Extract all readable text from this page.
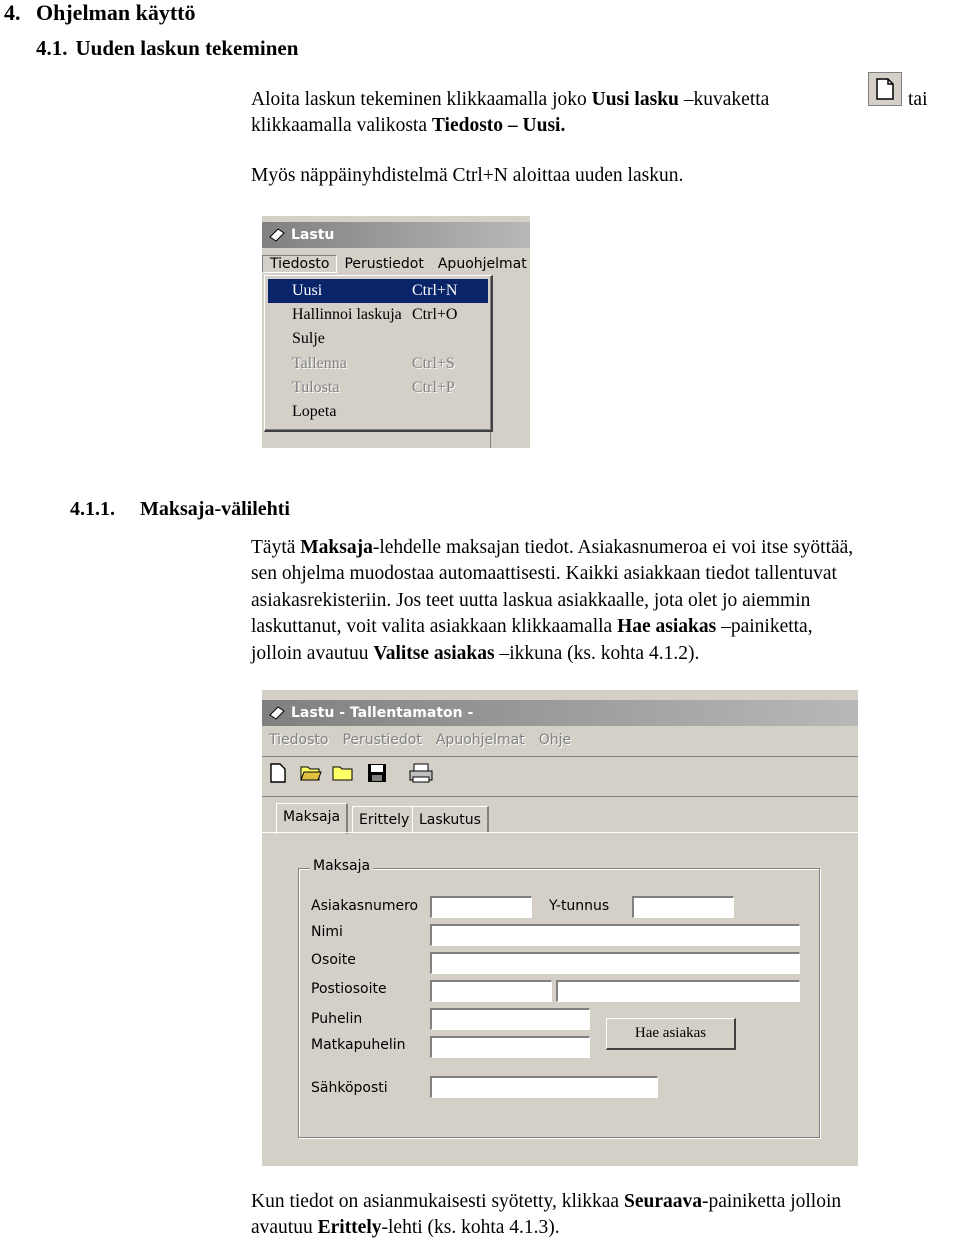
4. Ohjelman käyttö
4.1. Uuden laskun tekeminen
Aloita laskun tekeminen klikkaamalla joko Uusi lasku –kuvaketta	tai
klikkaamalla valikosta Tiedosto – Uusi.
Myös näppäinyhdistelmä Ctrl+N aloittaa uuden laskun.
Lastu
Tiedosto	Perustiedot	Apuohjelmat
Uusi	Ctrl+N
Hallinnoi laskuja Ctrl+O
Sulje
Tallenna	Ctrl+S
Tulosta	Ctrl+P
Lopeta
4.1.1. Maksaja-välilehti
Täytä Maksaja-lehdelle maksajan tiedot. Asiakasnumeroa ei voi itse syöttää,
sen ohjelma muodostaa automaattisesti. Kaikki asiakkaan tiedot tallentuvat
asiakasrekisteriin. Jos teet uutta laskua asiakkaalle, jota olet jo aiemmin
laskuttanut, voit valita asiakkaan klikkaamalla Hae asiakas –painiketta,
jolloin avautuu Valitse asiakas –ikkuna (ks. kohta 4.1.2).
Lastu - Tallentamaton -
Tiedosto	Perustiedot	Apuohjelmat	Ohje
Maksaja	Erittely Laskutus
Maksaja
Asiakasnumero	Y-tunnus
Nimi
Osoite
Postiosoite
Puhelin
Matkapuhelin
Hae asiakas
Sähköposti
Kun tiedot on asianmukaisesti syötetty, klikkaa Seuraava-painiketta jolloin
avautuu Erittely-lehti (ks. kohta 4.1.3).
